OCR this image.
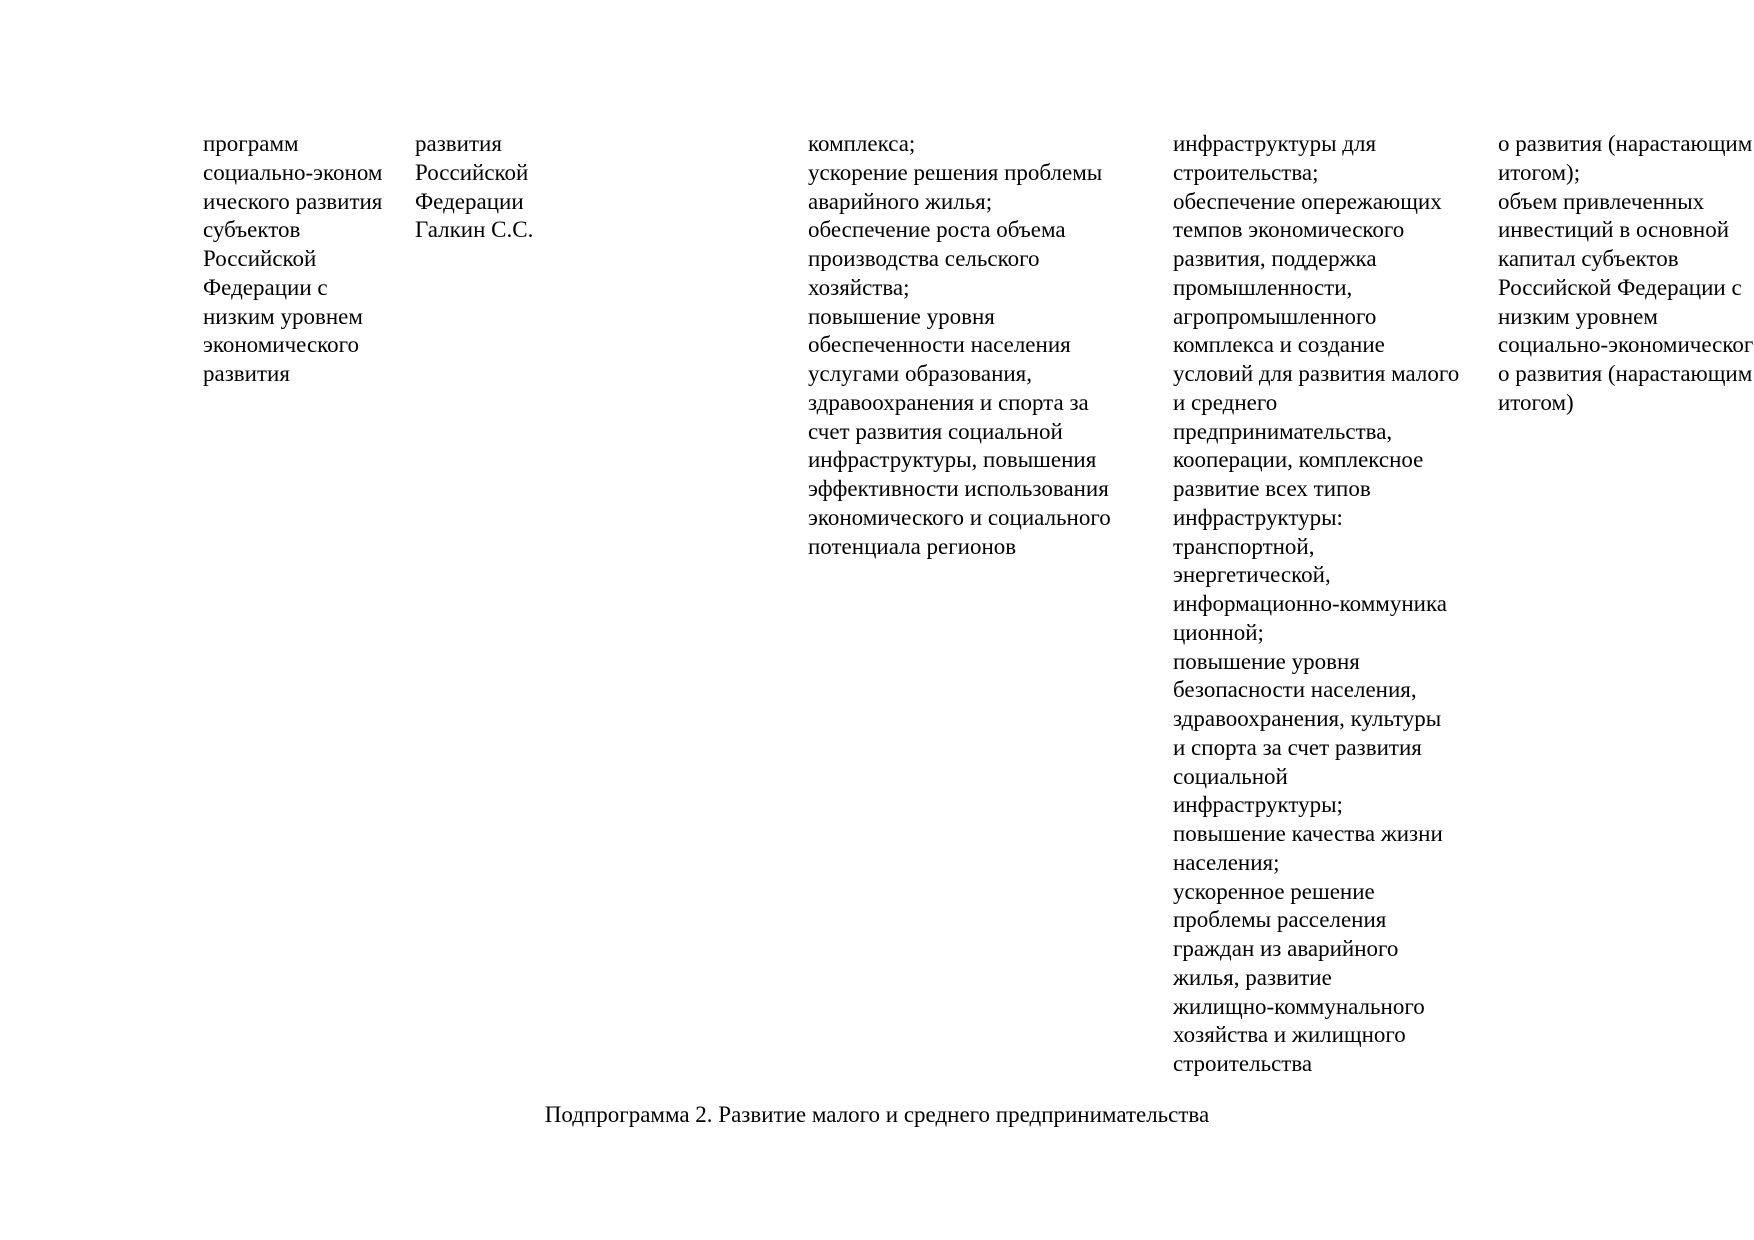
программ
социально-эконом
ического развития
субъектов
Российской
Федерации с
низким уровнем
экономического
развития
развития
Российской
Федерации
Галкин С.С.
комплекса;
ускорение решения проблемы
аварийного жилья;
обеспечение роста объема
производства сельского
хозяйства;
повышение уровня
обеспеченности населения
услугами образования,
здравоохранения и спорта за
счет развития социальной
инфраструктуры, повышения
эффективности использования
экономического и социального
потенциала регионов
инфраструктуры для
строительства;
обеспечение опережающих
темпов экономического
развития, поддержка
промышленности,
агропромышленного
комплекса и создание
условий для развития малого
и среднего
предпринимательства,
кооперации, комплексное
развитие всех типов
инфраструктуры:
транспортной,
энергетической,
информационно-коммуника
ционной;
повышение уровня
безопасности населения,
здравоохранения, культуры
и спорта за счет развития
социальной
инфраструктуры;
повышение качества жизни
населения;
ускоренное решение
проблемы расселения
граждан из аварийного
жилья, развитие
жилищно-коммунального
хозяйства и жилищного
строительства
о развития (нарастающим
итогом);
объем привлеченных
инвестиций в основной
капитал субъектов
Российской Федерации с
низким уровнем
социально-экономическог
о развития (нарастающим
итогом)
Подпрограмма 2. Развитие малого и среднего предпринимательства
